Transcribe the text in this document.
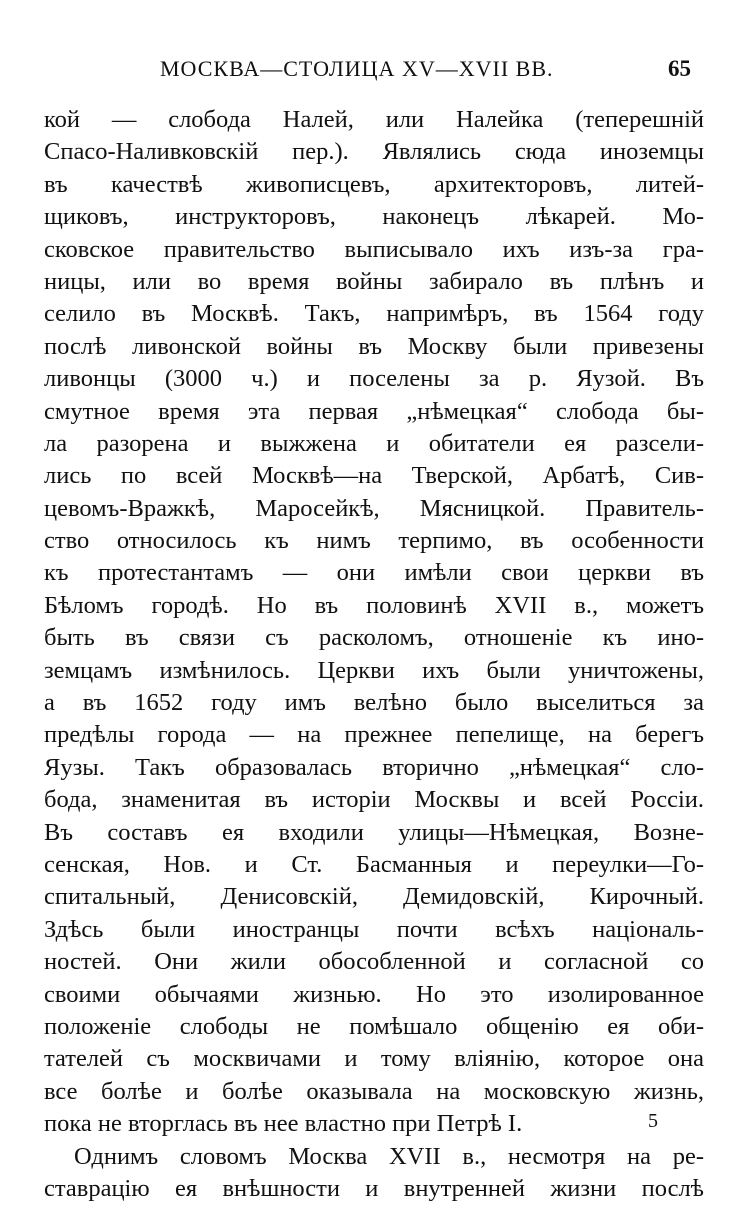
МОСКВА—СТОЛИЦА XV—XVII ВВ.	65
кой — слобода Налей, или Налейка (теперешнiй
Спасо-Наливковскiй пер.). Являлись сюда иноземцы
въ качествѣ живописцевъ, архитекторовъ, литей-
щиковъ, инструкторовъ, наконецъ лѣкарей. Мо-
сковское правительство выписывало ихъ изъ-за гра-
ницы, или во время войны забирало въ плѣнъ и
селило въ Москвѣ. Такъ, напримѣръ, въ 1564 году
послѣ ливонской войны въ Москву были привезены
ливонцы (3000 ч.) и поселены за р. Яузой. Въ
смутное время эта первая „нѣмецкая“ слобода бы-
ла разорена и выжжена и обитатели ея разсели-
лись по всей Москвѣ—на Тверской, Арбатѣ, Сив-
цевомъ-Вражкѣ, Маросейкѣ, Мясницкой. Правитель-
ство относилось къ нимъ терпимо, въ особенности
къ протестантамъ — они имѣли свои церкви въ
Бѣломъ городѣ. Но въ половинѣ XVII в., можетъ
быть въ связи съ расколомъ, отношенiе къ ино-
земцамъ измѣнилось. Церкви ихъ были уничтожены,
а въ 1652 году имъ велѣно было выселиться за
предѣлы города — на прежнее пепелище, на берегъ
Яузы. Такъ образовалась вторично „нѣмецкая“ сло-
бода, знаменитая въ исторiи Москвы и всей Россiи.
Въ составъ ея входили улицы—Нѣмецкая, Возне-
сенская, Нов. и Ст. Басманныя и переулки—Го-
спитальный, Денисовскiй, Демидовскiй, Кирочный.
Здѣсь были иностранцы почти всѣхъ нацiональ-
ностей. Они жили обособленной и согласной со
своими обычаями жизнью. Но это изолированное
положенiе слободы не помѣшало общенiю ея оби-
тателей съ москвичами и тому влiянiю, которое она
все болѣе и болѣе оказывала на московскую жизнь,
пока не вторглась въ нее властно при Петрѣ I.
Однимъ словомъ Москва XVII в., несмотря на ре-
ставрацiю ея внѣшности и внутренней жизни послѣ
5
